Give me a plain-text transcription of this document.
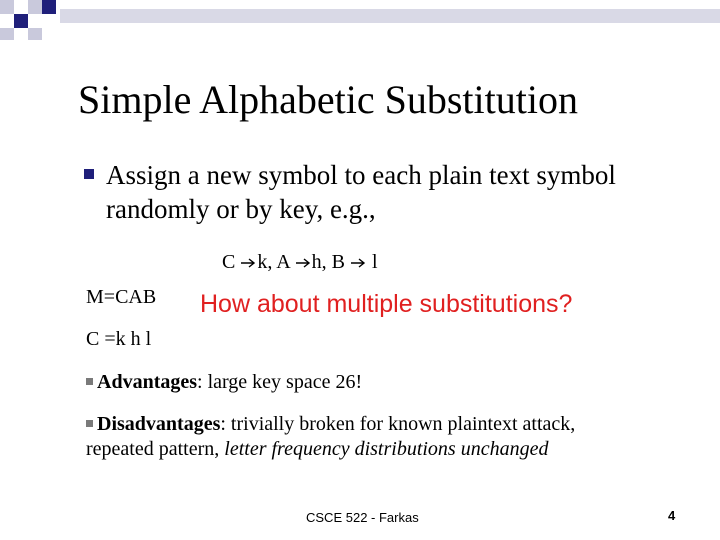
Simple Alphabetic Substitution
Assign a new symbol to each plain text symbol randomly or by key, e.g.,
C k, A h, B l
M=CAB How about multiple substitutions?
C =k h l
Advantages: large key space 26!
Disadvantages: trivially broken for known plaintext attack, repeated pattern, letter frequency distributions unchanged
CSCE 522 - Farkas	4
